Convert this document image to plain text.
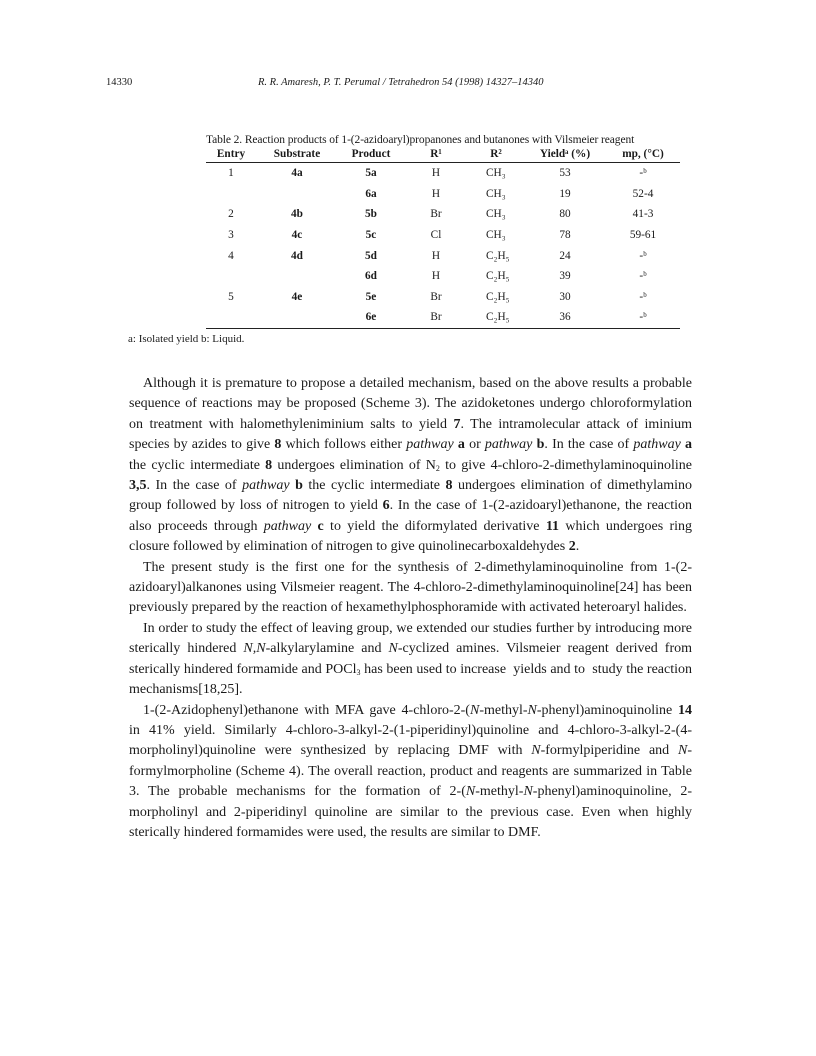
14330	R. R. Amaresh, P. T. Perumal / Tetrahedron 54 (1998) 14327–14340

Table 2. Reaction products of 1-(2-azidoaryl)propanones and butanones with Vilsmeier reagent

Entry	Substrate	Product	R¹	R²	Yieldᵃ (%)	mp, (°C)
1	4a	5a	H	CH₃	53	-ᵇ
		6a	H	CH₃	19	52-4
2	4b	5b	Br	CH₃	80	41-3
3	4c	5c	Cl	CH₃	78	59-61
4	4d	5d	H	C₂H₅	24	-ᵇ
		6d	H	C₂H₅	39	-ᵇ
5	4e	5e	Br	C₂H₅	30	-ᵇ
		6e	Br	C₂H₅	36	-ᵇ
a: Isolated yield b: Liquid.

Although it is premature to propose a detailed mechanism, based on the above results a probable sequence of reactions may be proposed (Scheme 3). The azidoketones undergo chloroformylation on treatment with halomethyleniminium salts to yield 7. The intramolecular attack of iminium species by azides to give 8 which follows either pathway a or pathway b. In the case of pathway a the cyclic intermediate 8 undergoes elimination of $N_2$ to give 4-chloro-2-dimethylaminoquinoline 3,5. In the case of pathway b the cyclic intermediate 8 undergoes elimination of dimethylamino group followed by loss of nitrogen to yield 6. In the case of 1-(2-azidoaryl)ethanone, the reaction also proceeds through pathway c to yield the diformylated derivative 11 which undergoes ring closure followed by elimination of nitrogen to give quinolinecarboxaldehydes 2.

The present study is the first one for the synthesis of 2-dimethylaminoquinoline from 1-(2-azidoaryl)alkanones using Vilsmeier reagent. The 4-chloro-2-dimethylaminoquinoline[24] has been previously prepared by the reaction of hexamethylphosphoramide with activated heteroaryl halides.

In order to study the effect of leaving group, we extended our studies further by introducing more sterically hindered N,N-alkylarylamine and N-cyclized amines. Vilsmeier reagent derived from sterically hindered formamide and POCl$_3$ has been used to increase  yields and to  study the reaction mechanisms[18,25].

1-(2-Azidophenyl)ethanone with MFA gave 4-chloro-2-(N-methyl-N-phenyl)aminoquinoline 14 in 41% yield. Similarly 4-chloro-3-alkyl-2-(1-piperidinyl)quinoline and 4-chloro-3-alkyl-2-(4-morpholinyl)quinoline were synthesized by replacing DMF with N-formylpiperidine and N-formylmorpholine (Scheme 4). The overall reaction, product and reagents are summarized in Table 3. The probable mechanisms for the formation of 2-(N-methyl-N-phenyl)aminoquinoline, 2-morpholinyl and 2-piperidinyl quinoline are similar to the previous case. Even when highly sterically hindered formamides were used, the results are similar to DMF.
